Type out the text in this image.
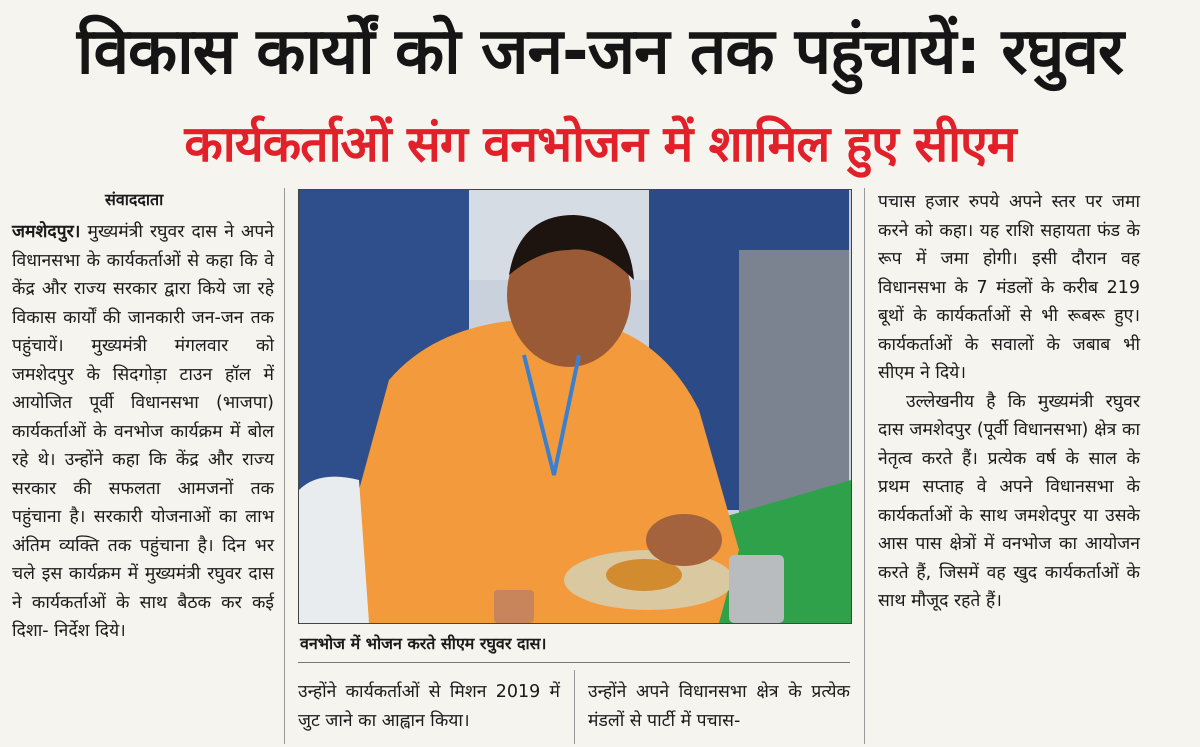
विकास कार्यों को जन-जन तक पहुंचायें: रघुवर
कार्यकर्ताओं संग वनभोजन में शामिल हुए सीएम
संवाददाता

जमशेदपुर। मुख्यमंत्री रघुवर दास ने अपने विधानसभा के कार्यकर्ताओं से कहा कि वे केंद्र और राज्य सरकार द्वारा किये जा रहे विकास कार्यों की जानकारी जन-जन तक पहुंचायें। मुख्यमंत्री मंगलवार को जमशेदपुर के सिदगोड़ा टाउन हॉल में आयोजित पूर्वी विधानसभा (भाजपा) कार्यकर्ताओं के वनभोज कार्यक्रम में बोल रहे थे। उन्होंने कहा कि केंद्र और राज्य सरकार की सफलता आमजनों तक पहुंचाना है। सरकारी योजनाओं का लाभ अंतिम व्यक्ति तक पहुंचाना है। दिन भर चले इस कार्यक्रम में मुख्यमंत्री रघुवर दास ने कार्यकर्ताओं के साथ बैठक कर कई दिशा- निर्देश दिये।

वनभोज में भोजन करते सीएम रघुवर दास।

उन्होंने कार्यकर्ताओं से मिशन 2019 में जुट जाने का आह्वान किया।

उन्होंने अपने विधानसभा क्षेत्र के प्रत्येक मंडलों से पार्टी में पचास-

पचास हजार रुपये अपने स्तर पर जमा करने को कहा। यह राशि सहायता फंड के रूप में जमा होगी। इसी दौरान वह विधानसभा के 7 मंडलों के करीब 219 बूथों के कार्यकर्ताओं से भी रूबरू हुए। कार्यकर्ताओं के सवालों के जबाब भी सीएम ने दिये।

उल्लेखनीय है कि मुख्यमंत्री रघुवर दास जमशेदपुर (पूर्वी विधानसभा) क्षेत्र का नेतृत्व करते हैं। प्रत्येक वर्ष के साल के प्रथम सप्ताह वे अपने विधानसभा के कार्यकर्ताओं के साथ जमशेदपुर या उसके आस पास क्षेत्रों में वनभोज का आयोजन करते हैं, जिसमें वह खुद कार्यकर्ताओं के साथ मौजूद रहते हैं।
